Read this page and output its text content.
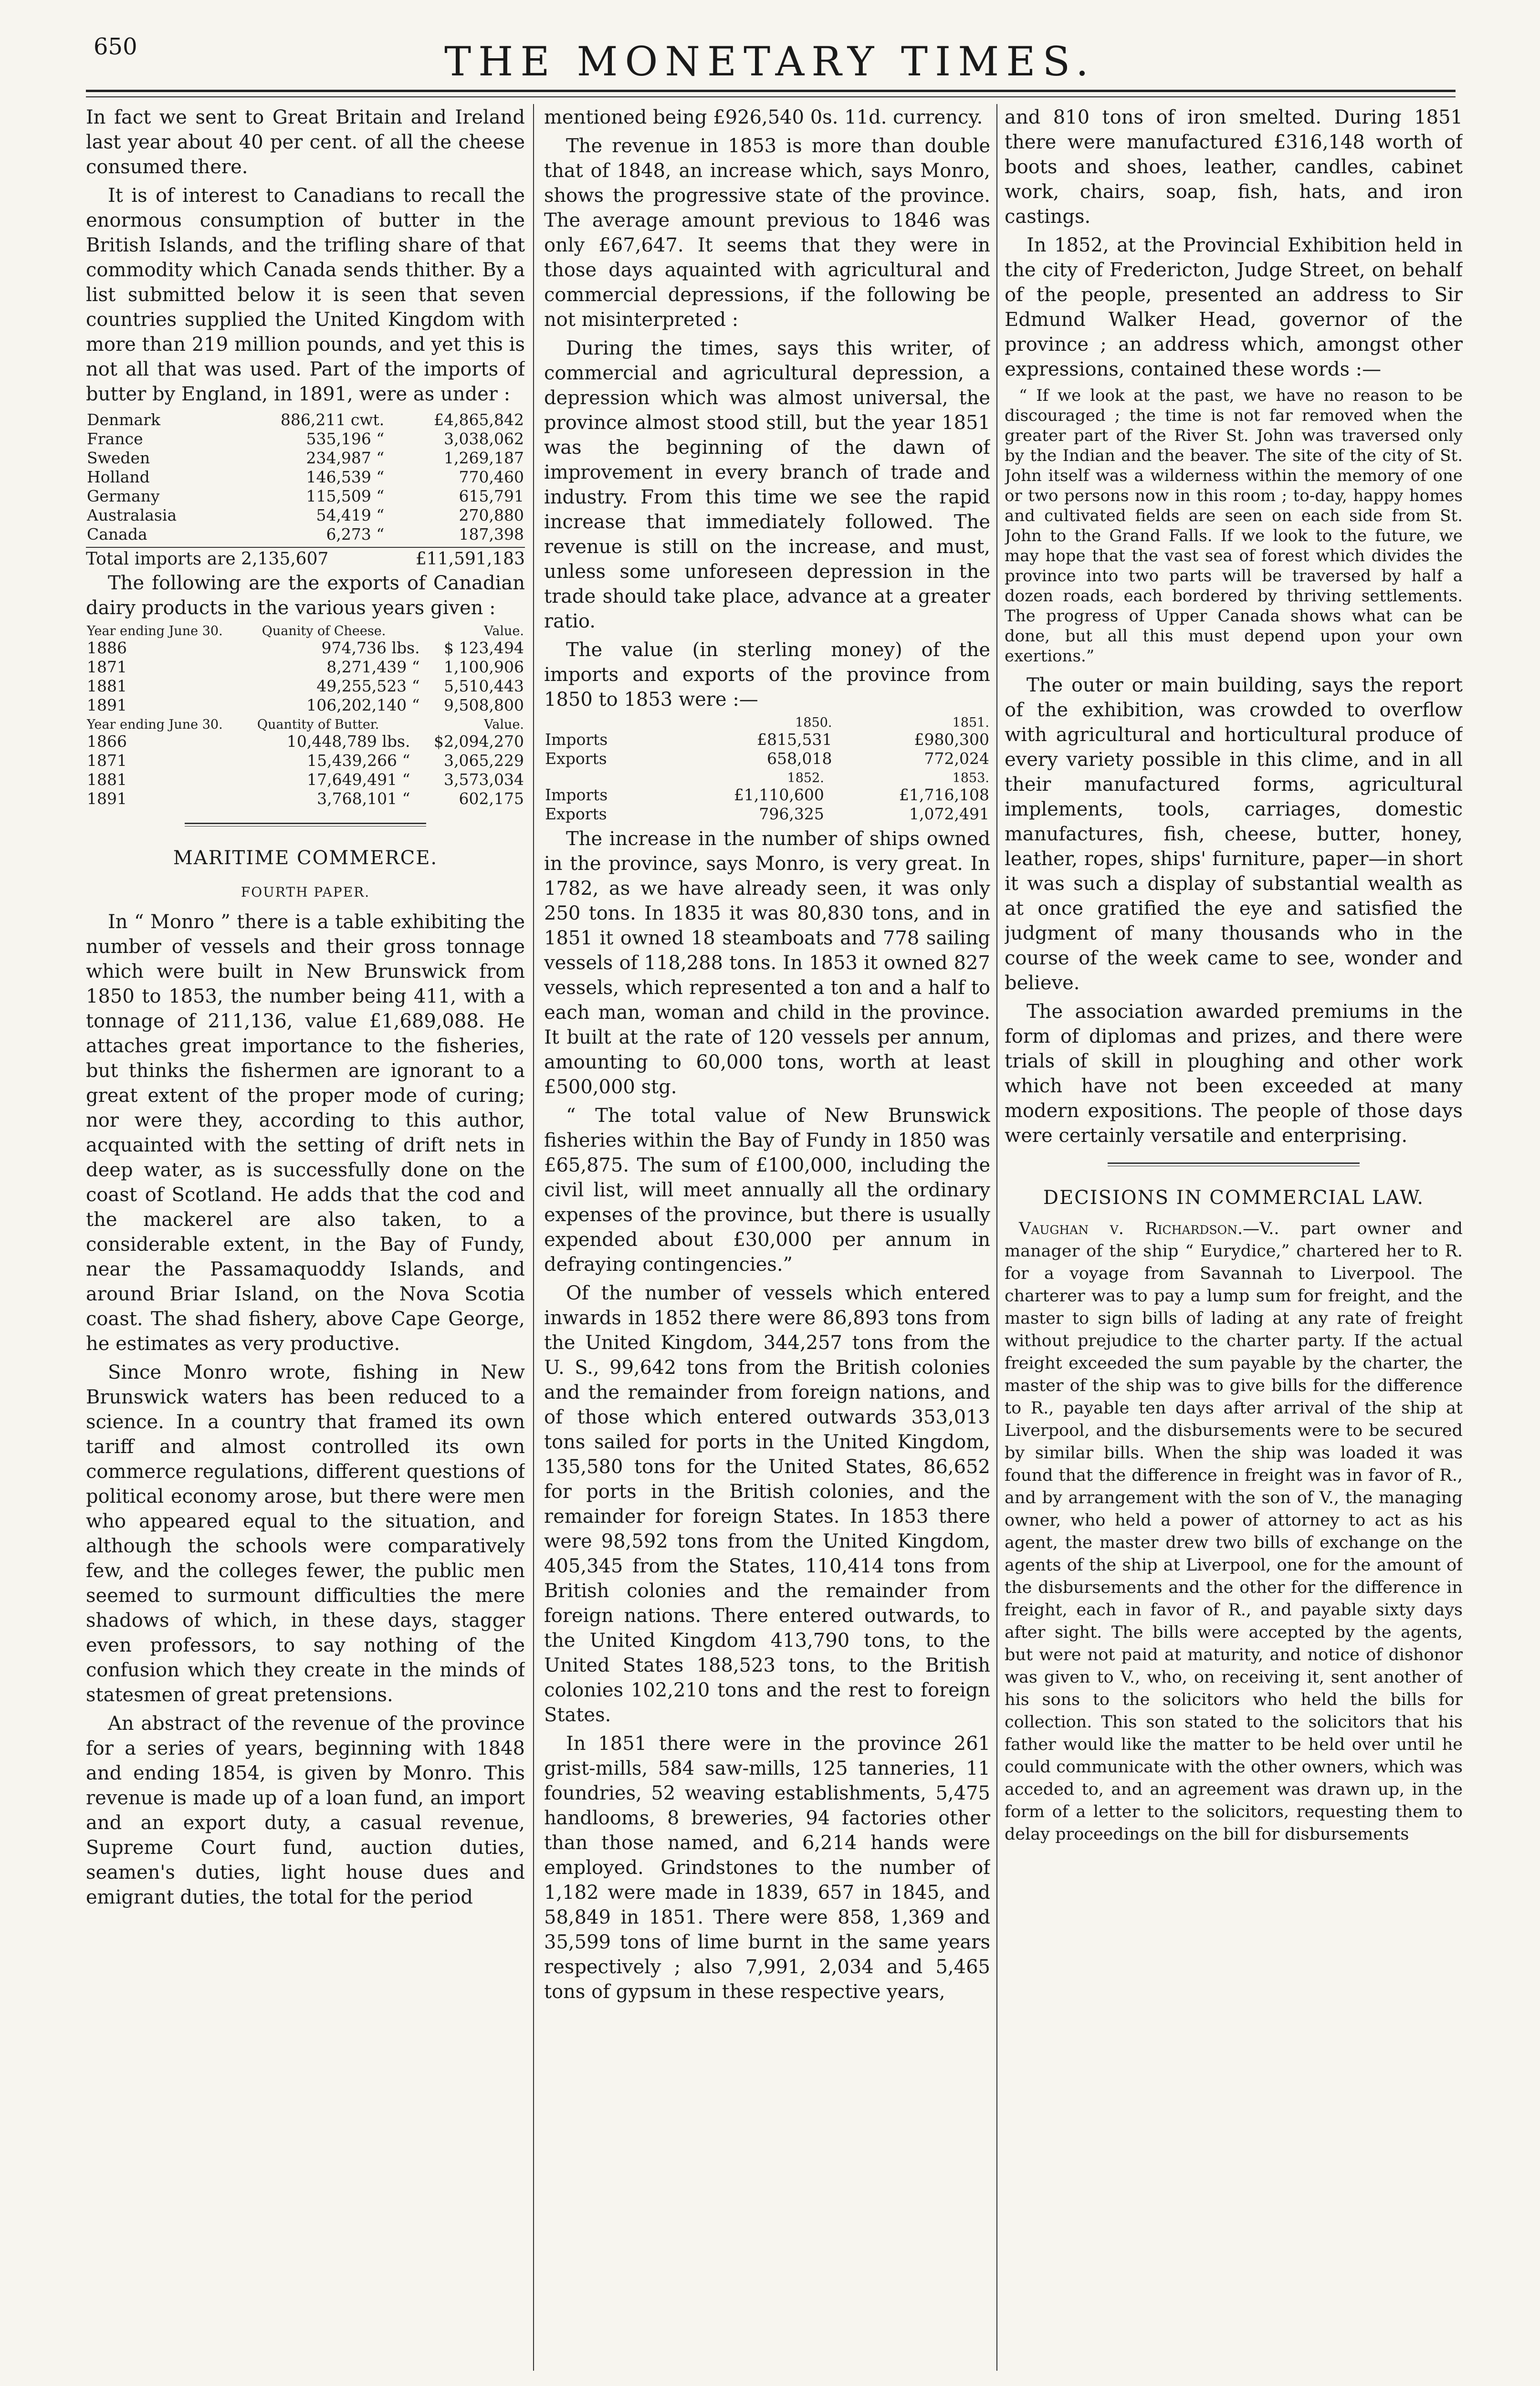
650	THE MONETARY TIMES.

In fact we sent to Great Britain and Ireland last year about 40 per cent. of all the cheese consumed there.

It is of interest to Canadians to recall the enormous consumption of butter in the British Islands, and the trifling share of that commodity which Canada sends thither. By a list submitted below it is seen that seven countries supplied the United Kingdom with more than 219 million pounds, and yet this is not all that was used. Part of the imports of butter by England, in 1891, were as under :

Denmark	886,211 cwt.	£4,865,842
France	535,196 “	3,038,062
Sweden	234,987 “	1,269,187
Holland	146,539 “	770,460
Germany	115,509 “	615,791
Australasia	54,419 “	270,880
Canada	6,273 “	187,398
Total imports are 2,135,607	£11,591,183

The following are the exports of Canadian dairy products in the various years given :

Year ending June 30.	Quanity of Cheese.	Value.
1886	974,736 lbs.	$ 123,494
1871	8,271,439 “	1,100,906
1881	49,255,523 “	5,510,443
1891	106,202,140 “	9,508,800
Year ending June 30.	Quantity of Butter.	Value.
1866	10,448,789 lbs.	$2,094,270
1871	15,439,266 “	3,065,229
1881	17,649,491 “	3,573,034
1891	3,768,101 “	602,175
MARITIME COMMERCE.
FOURTH PAPER.

In “ Monro ” there is a table exhibiting the number of vessels and their gross tonnage which were built in New Brunswick from 1850 to 1853, the number being 411, with a tonnage of 211,136, value £1,689,088. He attaches great importance to the fisheries, but thinks the fishermen are ignorant to a great extent of the proper mode of curing; nor were they, according to this author, acquainted with the setting of drift nets in deep water, as is successfully done on the coast of Scotland. He adds that the cod and the mackerel are also taken, to a considerable extent, in the Bay of Fundy, near the Passamaquoddy Islands, and around Briar Island, on the Nova Scotia coast. The shad fishery, above Cape George, he estimates as very productive.

Since Monro wrote, fishing in New Brunswick waters has been reduced to a science. In a country that framed its own tariff and almost controlled its own commerce regulations, different questions of political economy arose, but there were men who appeared equal to the situation, and although the schools were comparatively few, and the colleges fewer, the public men seemed to surmount difficulties the mere shadows of which, in these days, stagger even professors, to say nothing of the confusion which they create in the minds of statesmen of great pretensions.

An abstract of the revenue of the province for a series of years, beginning with 1848 and ending 1854, is given by Monro. This revenue is made up of a loan fund, an import and an export duty, a casual revenue, Supreme Court fund, auction duties, seamen's duties, light house dues and emigrant duties, the total for the period

mentioned being £926,540 0s. 11d. currency.

The revenue in 1853 is more than double that of 1848, an increase which, says Monro, shows the progressive state of the province. The average amount previous to 1846 was only £67,647. It seems that they were in those days aquainted with agricultural and commercial depressions, if the following be not misinterpreted :

During the times, says this writer, of commercial and agricultural depression, a depression which was almost universal, the province almost stood still, but the year 1851 was the beginning of the dawn of improvement in every branch of trade and industry. From this time we see the rapid increase that immediately followed. The revenue is still on the increase, and must, unless some unforeseen depression in the trade should take place, advance at a greater ratio.

The value (in sterling money) of the imports and exports of the province from 1850 to 1853 were :—

	1850.	1851.
Imports	£815,531	£980,300
Exports	658,018	772,024
	1852.	1853.
Imports	£1,110,600	£1,716,108
Exports	796,325	1,072,491

The increase in the number of ships owned in the province, says Monro, is very great. In 1782, as we have already seen, it was only 250 tons. In 1835 it was 80,830 tons, and in 1851 it owned 18 steamboats and 778 sailing vessels of 118,288 tons. In 1853 it owned 827 vessels, which represented a ton and a half to each man, woman and child in the province. It built at the rate of 120 vessels per annum, amounting to 60,000 tons, worth at least £500,000 stg.

“ The total value of New Brunswick fisheries within the Bay of Fundy in 1850 was £65,875. The sum of £100,000, including the civil list, will meet annually all the ordinary expenses of the province, but there is usually expended about £30,000 per annum in defraying contingencies.”

Of the number of vessels which entered inwards in 1852 there were 86,893 tons from the United Kingdom, 344,257 tons from the U. S., 99,642 tons from the British colonies and the remainder from foreign nations, and of those which entered outwards 353,013 tons sailed for ports in the United Kingdom, 135,580 tons for the United States, 86,652 for ports in the British colonies, and the remainder for foreign States. In 1853 there were 98,592 tons from the United Kingdom, 405,345 from the States, 110,414 tons from British colonies and the remainder from foreign nations. There entered outwards, to the United Kingdom 413,790 tons, to the United States 188,523 tons, to the British colonies 102,210 tons and the rest to foreign States.

In 1851 there were in the province 261 grist-mills, 584 saw-mills, 125 tanneries, 11 foundries, 52 weaving establishments, 5,475 handlooms, 8 breweries, 94 factories other than those named, and 6,214 hands were employed. Grindstones to the number of 1,182 were made in 1839, 657 in 1845, and 58,849 in 1851. There were 858, 1,369 and 35,599 tons of lime burnt in the same years respectively ; also 7,991, 2,034 and 5,465 tons of gypsum in these respective years,

and 810 tons of iron smelted. During 1851 there were manufactured £316,148 worth of boots and shoes, leather, candles, cabinet work, chairs, soap, fish, hats, and iron castings.

In 1852, at the Provincial Exhibition held in the city of Fredericton, Judge Street, on behalf of the people, presented an address to Sir Edmund Walker Head, governor of the province ; an address which, amongst other expressions, contained these words :—

“ If we look at the past, we have no reason to be discouraged ; the time is not far removed when the greater part of the River St. John was traversed only by the Indian and the beaver. The site of the city of St. John itself was a wilderness within the memory of one or two persons now in this room ; to-day, happy homes and cultivated fields are seen on each side from St. John to the Grand Falls. If we look to the future, we may hope that the vast sea of forest which divides the province into two parts will be traversed by half a dozen roads, each bordered by thriving settlements. The progress of Upper Canada shows what can be done, but all this must depend upon your own exertions.”

The outer or main building, says the report of the exhibition, was crowded to overflow with agricultural and horticultural produce of every variety possible in this clime, and in all their manufactured forms, agricultural implements, tools, carriages, domestic manufactures, fish, cheese, butter, honey, leather, ropes, ships' furniture, paper—in short it was such a display of substantial wealth as at once gratified the eye and satisfied the judgment of many thousands who in the course of the week came to see, wonder and believe.

The association awarded premiums in the form of diplomas and prizes, and there were trials of skill in ploughing and other work which have not been exceeded at many modern expositions. The people of those days were certainly versatile and enterprising.

DECISIONS IN COMMERCIAL LAW.

Vaughan v. Richardson.—V.. part owner and manager of the ship “ Eurydice,” chartered her to R. for a voyage from Savannah to Liverpool. The charterer was to pay a lump sum for freight, and the master to sign bills of lading at any rate of freight without prejudice to the charter party. If the actual freight exceeded the sum payable by the charter, the master of the ship was to give bills for the difference to R., payable ten days after arrival of the ship at Liverpool, and the disbursements were to be secured by similar bills. When the ship was loaded it was found that the difference in freight was in favor of R., and by arrangement with the son of V., the managing owner, who held a power of attorney to act as his agent, the master drew two bills of exchange on the agents of the ship at Liverpool, one for the amount of the disbursements and the other for the difference in freight, each in favor of R., and payable sixty days after sight. The bills were accepted by the agents, but were not paid at maturity, and notice of dishonor was given to V., who, on receiving it, sent another of his sons to the solicitors who held the bills for collection. This son stated to the solicitors that his father would like the matter to be held over until he could communicate with the other owners, which was acceded to, and an agreement was drawn up, in the form of a letter to the solicitors, requesting them to delay proceedings on the bill for disbursements
